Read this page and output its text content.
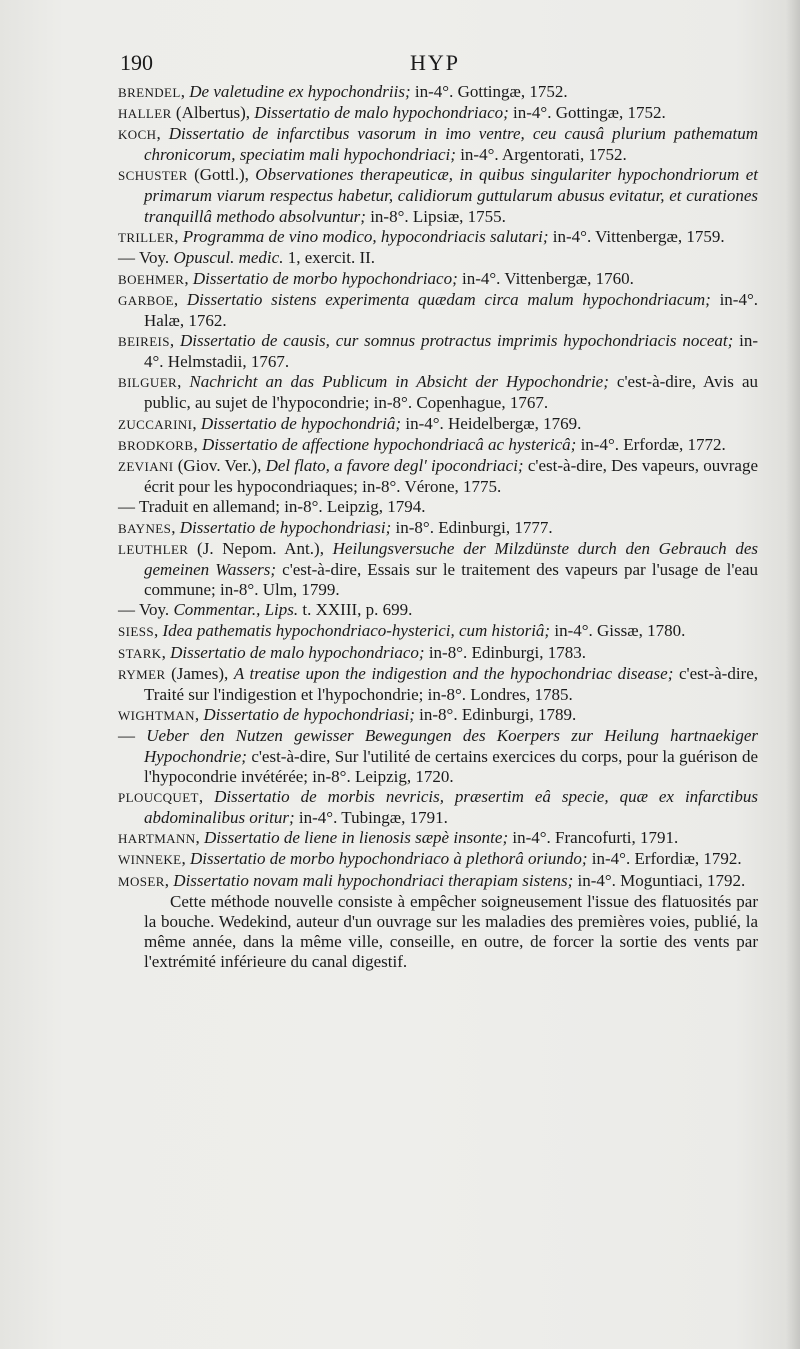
190	HYP

BRENDEL, De valetudine ex hypochondriis; in-4°. Gottingæ, 1752.

HALLER (Albertus), Dissertatio de malo hypochondriaco; in-4°. Gottingæ, 1752.

KOCH, Dissertatio de infarctibus vasorum in imo ventre, ceu causâ plurium pathematum chronicorum, speciatim mali hypochondriaci; in-4°. Argentorati, 1752.

SCHUSTER (Gottl.), Observationes therapeuticæ, in quibus singulariter hypochondriorum et primarum viarum respectus habetur, calidiorum guttularum abusus evitatur, et curationes tranquillâ methodo absolvuntur; in-8°. Lipsiæ, 1755.

TRILLER, Programma de vino modico, hypocondriacis salutari; in-4°. Vittenbergæ, 1759.

— Voy. Opuscul. medic. 1, exercit. II.

BOEHMER, Dissertatio de morbo hypochondriaco; in-4°. Vittenbergæ, 1760.

GARBOE, Dissertatio sistens experimenta quædam circa malum hypochondriacum; in-4°. Halæ, 1762.

BEIREIS, Dissertatio de causis, cur somnus protractus imprimis hypochondriacis noceat; in-4°. Helmstadii, 1767.

BILGUER, Nachricht an das Publicum in Absicht der Hypochondrie; c'est-à-dire, Avis au public, au sujet de l'hypocondrie; in-8°. Copenhague, 1767.

ZUCCARINI, Dissertatio de hypochondriâ; in-4°. Heidelbergæ, 1769.

BRODKORB, Dissertatio de affectione hypochondriacâ ac hystericâ; in-4°. Erfordæ, 1772.

ZEVIANI (Giov. Ver.), Del flato, a favore degl' ipocondriaci; c'est-à-dire, Des vapeurs, ouvrage écrit pour les hypocondriaques; in-8°. Vérone, 1775.

— Traduit en allemand; in-8°. Leipzig, 1794.

BAYNES, Dissertatio de hypochondriasi; in-8°. Edinburgi, 1777.

LEUTHLER (J. Nepom. Ant.), Heilungsversuche der Milzdünste durch den Gebrauch des gemeinen Wassers; c'est-à-dire, Essais sur le traitement des vapeurs par l'usage de l'eau commune; in-8°. Ulm, 1799.

— Voy. Commentar., Lips. t. XXIII, p. 699.

SIESS, Idea pathematis hypochondriaco-hysterici, cum historiâ; in-4°. Gissæ, 1780.

STARK, Dissertatio de malo hypochondriaco; in-8°. Edinburgi, 1783.

RYMER (James), A treatise upon the indigestion and the hypochondriac disease; c'est-à-dire, Traité sur l'indigestion et l'hypochondrie; in-8°. Londres, 1785.

WIGHTMAN, Dissertatio de hypochondriasi; in-8°. Edinburgi, 1789.

— Ueber den Nutzen gewisser Bewegungen des Koerpers zur Heilung hartnaekiger Hypochondrie; c'est-à-dire, Sur l'utilité de certains exercices du corps, pour la guérison de l'hypocondrie invétérée; in-8°. Leipzig, 1720.

PLOUCQUET, Dissertatio de morbis nevricis, præsertim eâ specie, quæ ex infarctibus abdominalibus oritur; in-4°. Tubingæ, 1791.

HARTMANN, Dissertatio de liene in lienosis sæpè insonte; in-4°. Francofurti, 1791.

WINNEKE, Dissertatio de morbo hypochondriaco à plethorâ oriundo; in-4°. Erfordiæ, 1792.

MOSER, Dissertatio novam mali hypochondriaci therapiam sistens; in-4°. Moguntiaci, 1792.

Cette méthode nouvelle consiste à empêcher soigneusement l'issue des flatuosités par la bouche. Wedekind, auteur d'un ouvrage sur les maladies des premières voies, publié, la même année, dans la même ville, conseille, en outre, de forcer la sortie des vents par l'extrémité inférieure du canal digestif.
